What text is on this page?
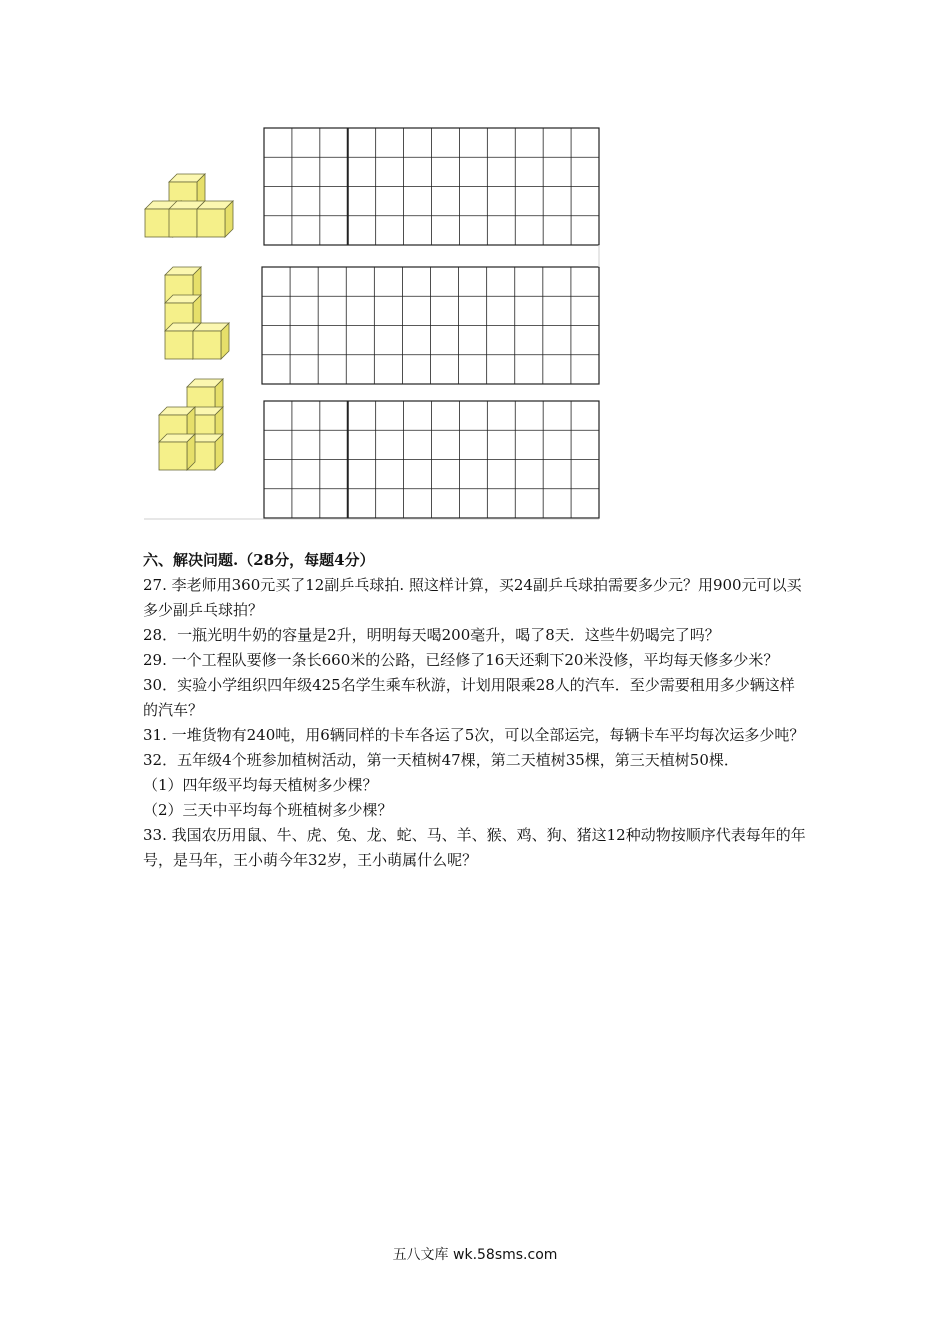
六、解决问题.（28分，每题4分）

27. 李老师用360元买了12副乒乓球拍. 照这样计算，买24副乒乓球拍需要多少元？用900元可以买多少副乒乓球拍？

28．一瓶光明牛奶的容量是2升，明明每天喝200毫升，喝了8天．这些牛奶喝完了吗？

29. 一个工程队要修一条长660米的公路，已经修了16天还剩下20米没修，平均每天修多少米？

30．实验小学组织四年级425名学生乘车秋游，计划用限乘28人的汽车．至少需要租用多少辆这样的汽车？

31. 一堆货物有240吨，用6辆同样的卡车各运了5次，可以全部运完，每辆卡车平均每次运多少吨？

32．五年级4个班参加植树活动，第一天植树47棵，第二天植树35棵，第三天植树50棵．

（1）四年级平均每天植树多少棵？

（2）三天中平均每个班植树多少棵？

33. 我国农历用鼠、牛、虎、兔、龙、蛇、马、羊、猴、鸡、狗、猪这12种动物按顺序代表每年的年号，是马年，王小萌今年32岁，王小萌属什么呢？

五八文库 wk.58sms.com
